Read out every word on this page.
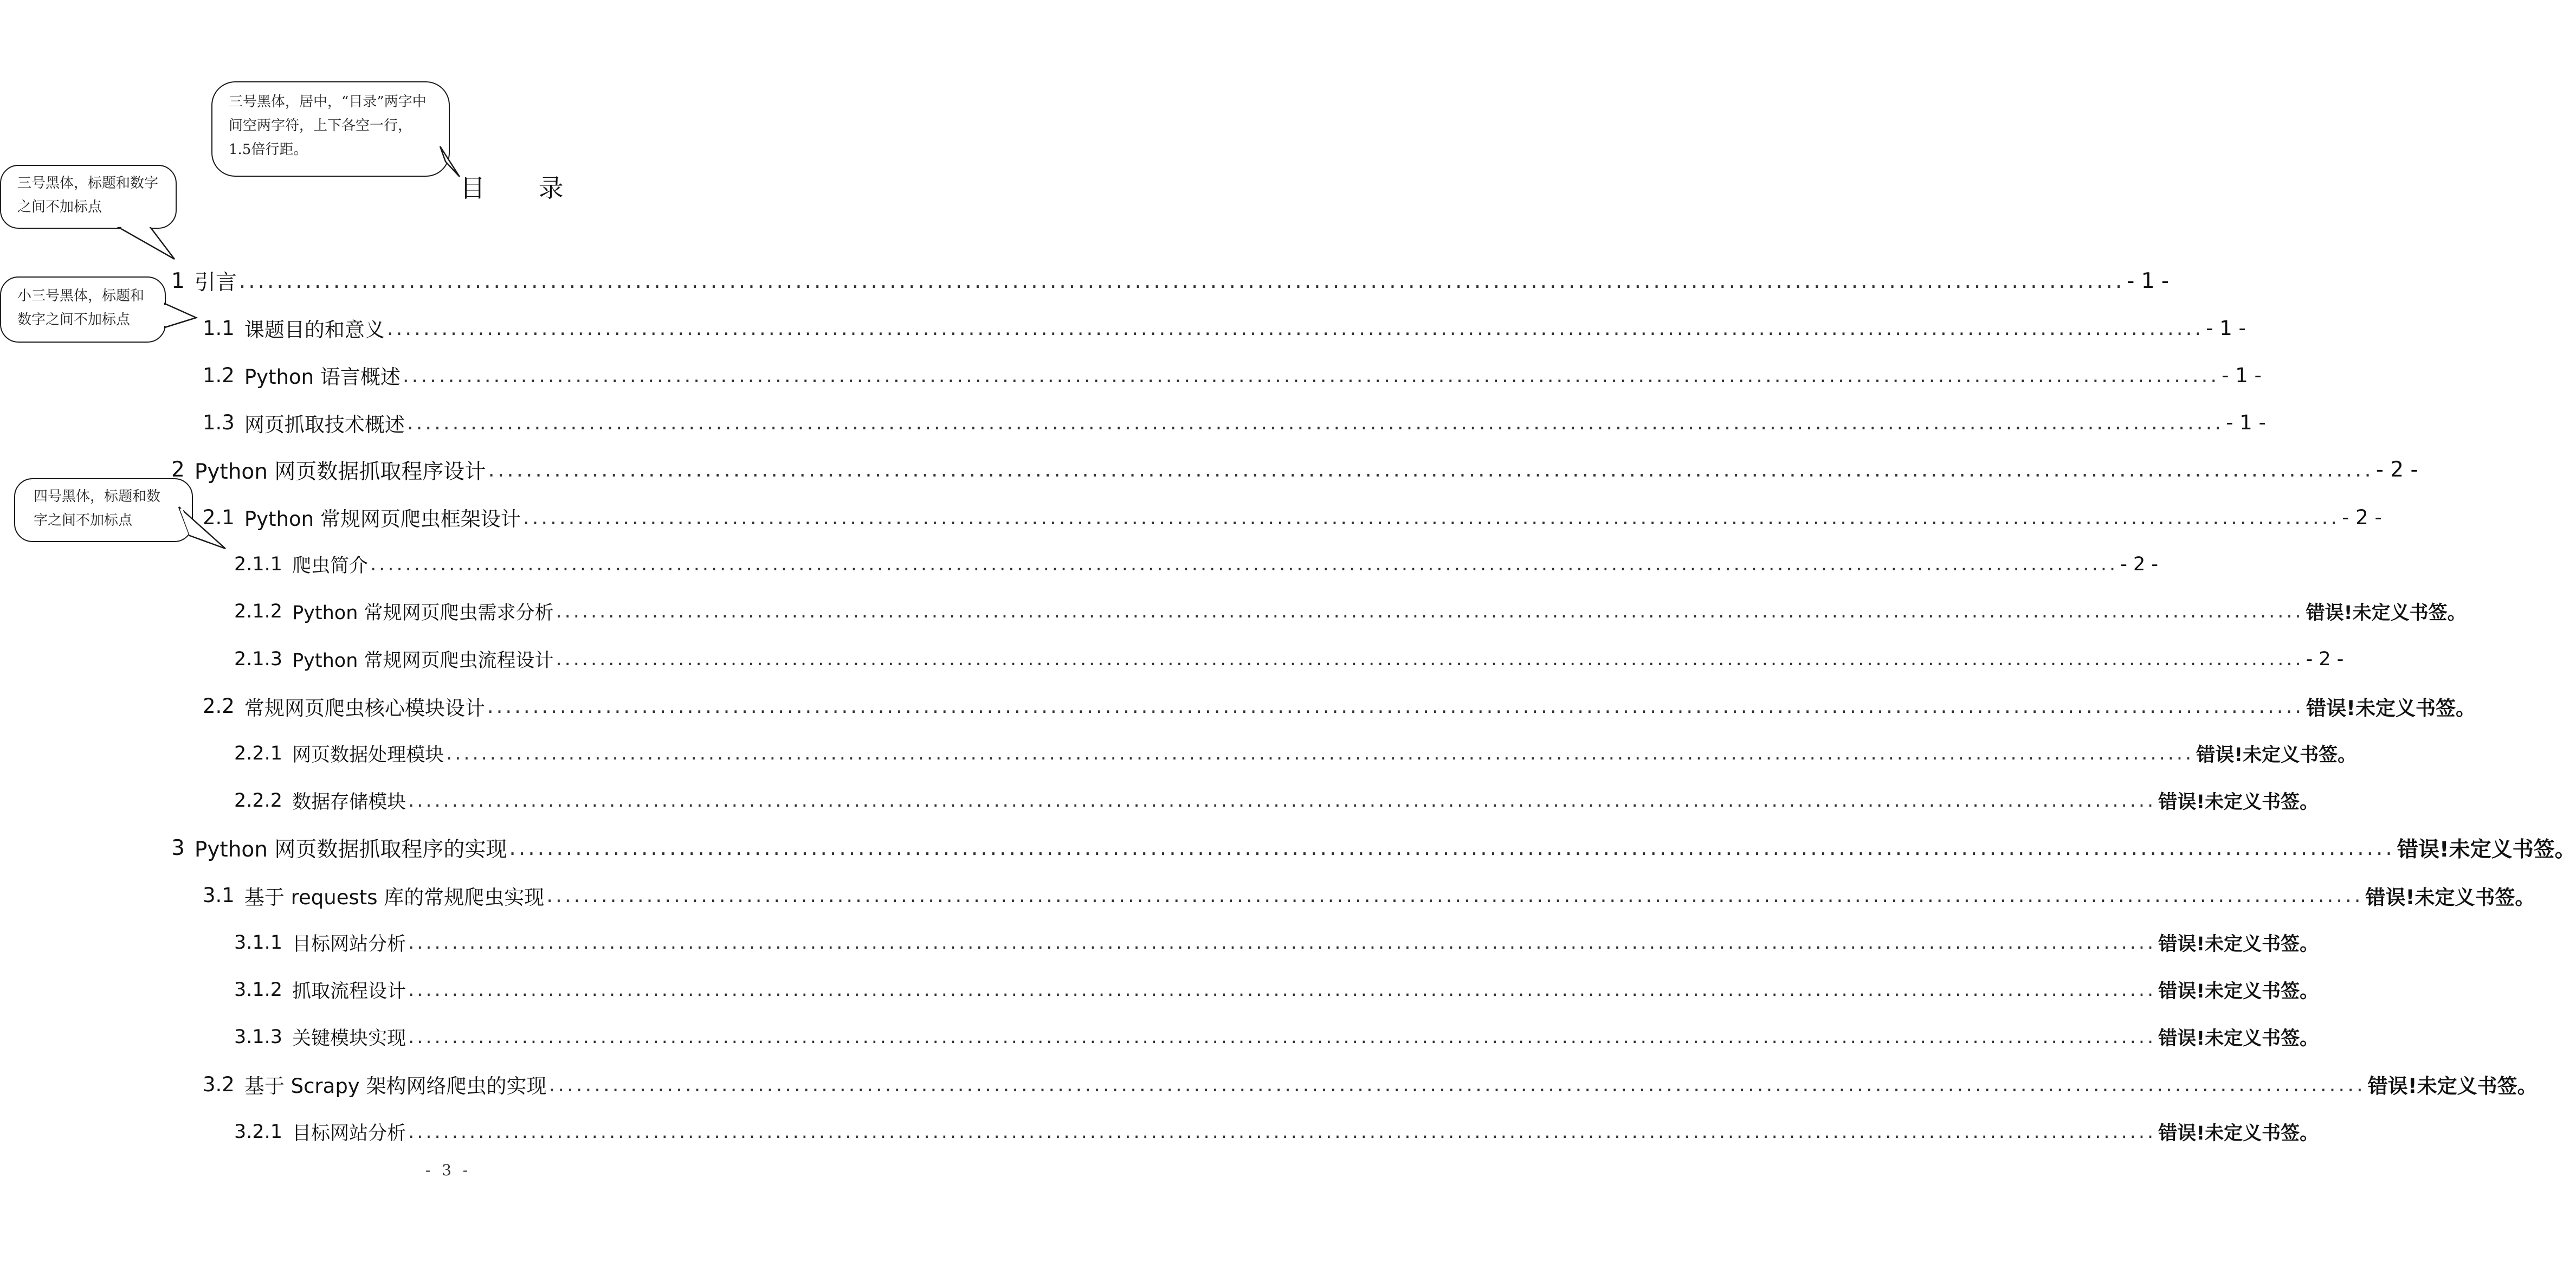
三号黑体，居中，“目录”两字中间空两字符，上下各空一行，1.5倍行距。
三号黑体，标题和数字之间不加标点
小三号黑体，标题和数字之间不加标点
四号黑体，标题和数字之间不加标点
目 录
1 引言 ........................................................................................................................................................................................................ - 1 -
1.1 课题目的和意义 ........................................................................................................................................................................................................ - 1 -
1.2 Python 语言概述 ........................................................................................................................................................................................................ - 1 -
1.3 网页抓取技术概述 ........................................................................................................................................................................................................ - 1 -
2 Python 网页数据抓取程序设计 ........................................................................................................................................................................................................ - 2 -
2.1 Python 常规网页爬虫框架设计 ........................................................................................................................................................................................................ - 2 -
2.1.1 爬虫简介 ........................................................................................................................................................................................................ - 2 -
2.1.2 Python 常规网页爬虫需求分析 ........................................................................................................................................................................................................ 错误!未定义书签。
2.1.3 Python 常规网页爬虫流程设计 ........................................................................................................................................................................................................ - 2 -
2.2 常规网页爬虫核心模块设计 ........................................................................................................................................................................................................ 错误!未定义书签。
2.2.1 网页数据处理模块 ........................................................................................................................................................................................................ 错误!未定义书签。
2.2.2 数据存储模块 ........................................................................................................................................................................................................ 错误!未定义书签。
3 Python 网页数据抓取程序的实现 ........................................................................................................................................................................................................ 错误!未定义书签。
3.1 基于 requests 库的常规爬虫实现 ........................................................................................................................................................................................................ 错误!未定义书签。
3.1.1 目标网站分析 ........................................................................................................................................................................................................ 错误!未定义书签。
3.1.2 抓取流程设计 ........................................................................................................................................................................................................ 错误!未定义书签。
3.1.3 关键模块实现 ........................................................................................................................................................................................................ 错误!未定义书签。
3.2 基于 Scrapy 架构网络爬虫的实现 ........................................................................................................................................................................................................ 错误!未定义书签。
3.2.1 目标网站分析 ........................................................................................................................................................................................................ 错误!未定义书签。
- 3 -
